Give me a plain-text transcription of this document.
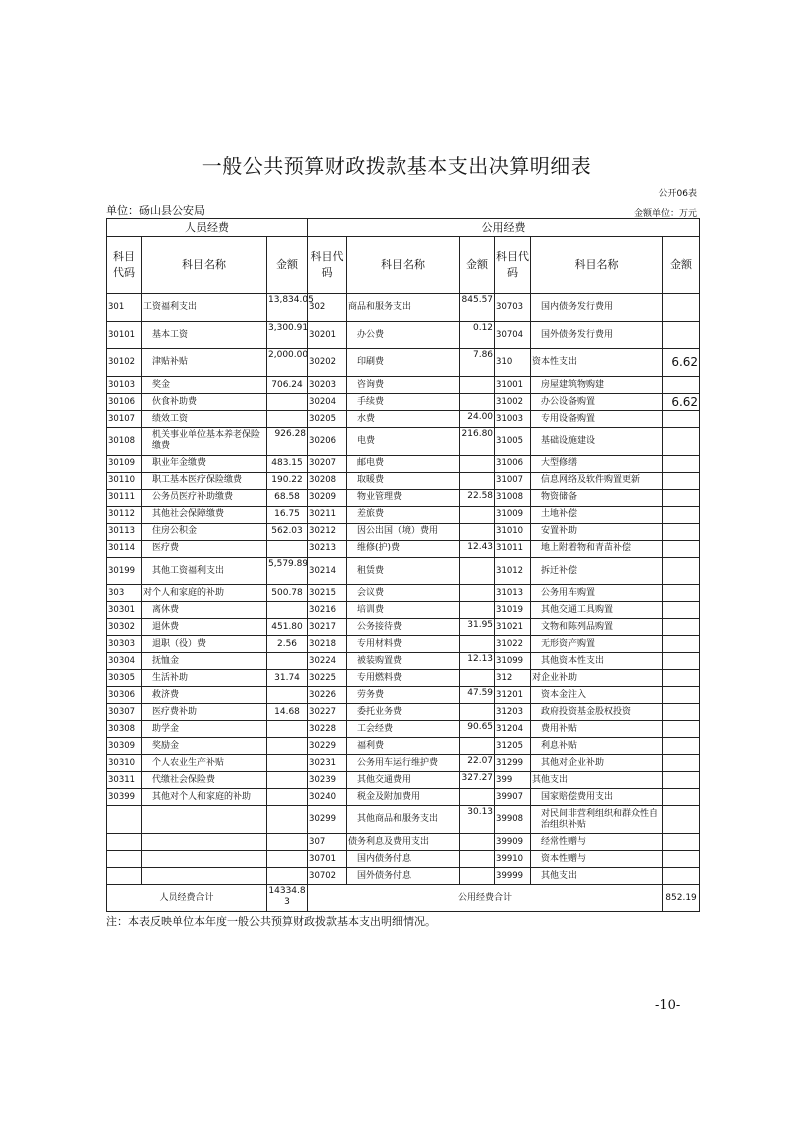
一般公共预算财政拨款基本支出决算明细表
公开06表
单位：砀山县公安局	金额单位：万元
人员经费			公用经费					
科目代码	科目名称	金额	科目代码	科目名称	金额	科目代码	科目名称	金额
301	工资福利支出	13,834.05	302	商品和服务支出	845.57	30703	国内债务发行费用	
30101	基本工资	3,300.91	30201	办公费	0.12	30704	国外债务发行费用	
30102	津贴补贴	2,000.00	30202	印刷费	7.86	310	资本性支出	6.62
30103	奖金	706.24	30203	咨询费		31001	房屋建筑物购建	
30106	伙食补助费		30204	手续费		31002	办公设备购置	6.62
30107	绩效工资		30205	水费	24.00	31003	专用设备购置	
30108	机关事业单位基本养老保险缴费	926.28	30206	电费	216.80	31005	基础设施建设	
30109	职业年金缴费	483.15	30207	邮电费		31006	大型修缮	
30110	职工基本医疗保险缴费	190.22	30208	取暖费		31007	信息网络及软件购置更新	
30111	公务员医疗补助缴费	68.58	30209	物业管理费	22.58	31008	物资储备	
30112	其他社会保障缴费	16.75	30211	差旅费		31009	土地补偿	
30113	住房公积金	562.03	30212	因公出国（境）费用		31010	安置补助	
30114	医疗费		30213	维修(护)费	12.43	31011	地上附着物和青苗补偿	
30199	其他工资福利支出	5,579.89	30214	租赁费		31012	拆迁补偿	
303	对个人和家庭的补助	500.78	30215	会议费		31013	公务用车购置	
30301	离休费		30216	培训费		31019	其他交通工具购置	
30302	退休费	451.80	30217	公务接待费	31.95	31021	文物和陈列品购置	
30303	退职（役）费	2.56	30218	专用材料费		31022	无形资产购置	
30304	抚恤金		30224	被装购置费	12.13	31099	其他资本性支出	
30305	生活补助	31.74	30225	专用燃料费		312	对企业补助	
30306	救济费		30226	劳务费	47.59	31201	资本金注入	
30307	医疗费补助	14.68	30227	委托业务费		31203	政府投资基金股权投资	
30308	助学金		30228	工会经费	90.65	31204	费用补贴	
30309	奖励金		30229	福利费		31205	利息补贴	
30310	个人农业生产补贴		30231	公务用车运行维护费	22.07	31299	其他对企业补助	
30311	代缴社会保险费		30239	其他交通费用	327.27	399	其他支出	
30399	其他对个人和家庭的补助		30240	税金及附加费用		39907	国家赔偿费用支出	
			30299	其他商品和服务支出	30.13	39908	对民间非营利组织和群众性自治组织补贴	
			307	债务利息及费用支出		39909	经常性赠与	
			30701	国内债务付息		39910	资本性赠与	
			30702	国外债务付息		39999	其他支出	
人员经费合计		14334.83	公用经费合计					852.19
注：本表反映单位本年度一般公共预算财政拨款基本支出明细情况。
-10-
